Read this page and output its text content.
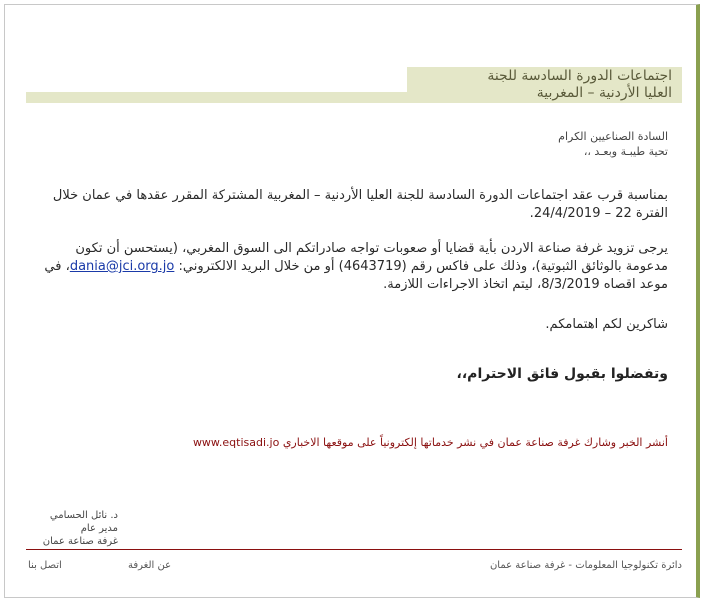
اجتماعات الدورة السادسة للجنة
العليا الأردنية – المغربية
السادة الصناعيين الكرام
تحية طيبـة وبعـد ،،
بمناسبة قرب عقد اجتماعات الدورة السادسة للجنة العليا الأردنية – المغربية المشتركة المقرر عقدها في عمان خلال الفترة 22 – 24/4/2019.
يرجى تزويد غرفة صناعة الاردن بأية قضايا أو صعوبات تواجه صادراتكم الى السوق المغربي، (يستحسن أن تكون مدعومة بالوثائق الثبوتية)، وذلك على فاكس رقم (4643719) أو من خلال البريد الالكتروني: dania@jci.org.jo، في موعد اقصاه 8/3/2019، ليتم اتخاذ الاجراءات اللازمة.
شاكرين لكم اهتمامكم.
وتفضلوا بقبول فائق الاحترام،،
أنشر الخبر وشارك غرفة صناعة عمان في نشر خدماتها إلكترونياً على موقعها الاخباري www.eqtisadi.jo
د. نائل الحسامي
مدير عام
غرفة صناعة عمان
اتصل بنا	عن الغرفة	دائرة تكنولوجيا المعلومات - غرفة صناعة عمان
